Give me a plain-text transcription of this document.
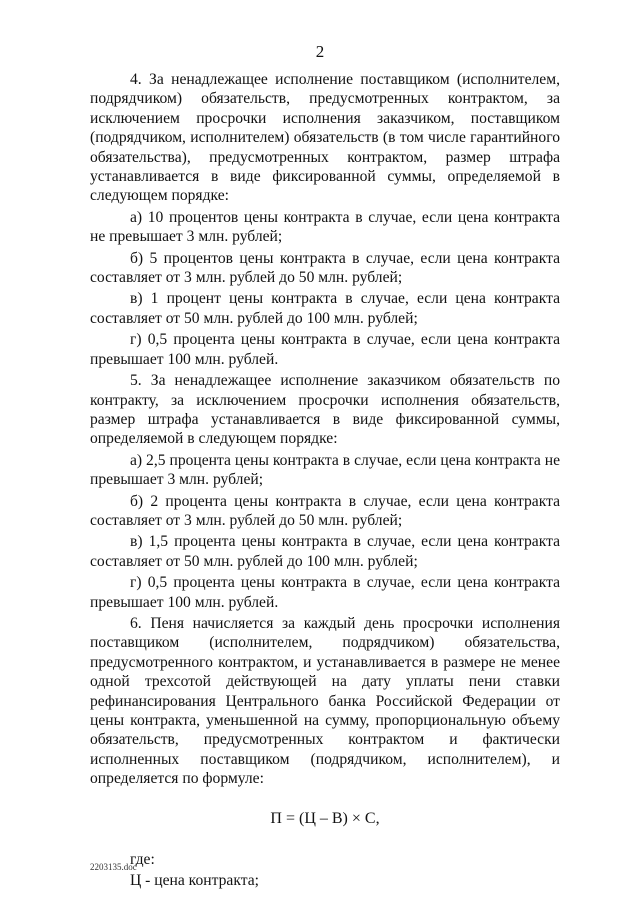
2

4. За ненадлежащее исполнение поставщиком (исполнителем, подрядчиком) обязательств, предусмотренных контрактом, за исключением просрочки исполнения заказчиком, поставщиком (подрядчиком, исполнителем) обязательств (в том числе гарантийного обязательства), предусмотренных контрактом, размер штрафа устанавливается в виде фиксированной суммы, определяемой в следующем порядке:

а) 10 процентов цены контракта в случае, если цена контракта не превышает 3 млн. рублей;

б) 5 процентов цены контракта в случае, если цена контракта составляет от 3 млн. рублей до 50 млн. рублей;

в) 1 процент цены контракта в случае, если цена контракта составляет от 50 млн. рублей до 100 млн. рублей;

г) 0,5 процента цены контракта в случае, если цена контракта превышает 100 млн. рублей.

5. За ненадлежащее исполнение заказчиком обязательств по контракту, за исключением просрочки исполнения обязательств, размер штрафа устанавливается в виде фиксированной суммы, определяемой в следующем порядке:

а) 2,5 процента цены контракта в случае, если цена контракта не превышает 3 млн. рублей;

б) 2 процента цены контракта в случае, если цена контракта составляет от 3 млн. рублей до 50 млн. рублей;

в) 1,5 процента цены контракта в случае, если цена контракта составляет от 50 млн. рублей до 100 млн. рублей;

г) 0,5 процента цены контракта в случае, если цена контракта превышает 100 млн. рублей.

6. Пеня начисляется за каждый день просрочки исполнения поставщиком (исполнителем, подрядчиком) обязательства, предусмотренного контрактом, и устанавливается в размере не менее одной трехсотой действующей на дату уплаты пени ставки рефинансирования Центрального банка Российской Федерации от цены контракта, уменьшенной на сумму, пропорциональную объему обязательств, предусмотренных контрактом и фактически исполненных поставщиком (подрядчиком, исполнителем), и определяется по формуле:

П = (Ц – В) × С,

где:

Ц - цена контракта;

2203135.doc
